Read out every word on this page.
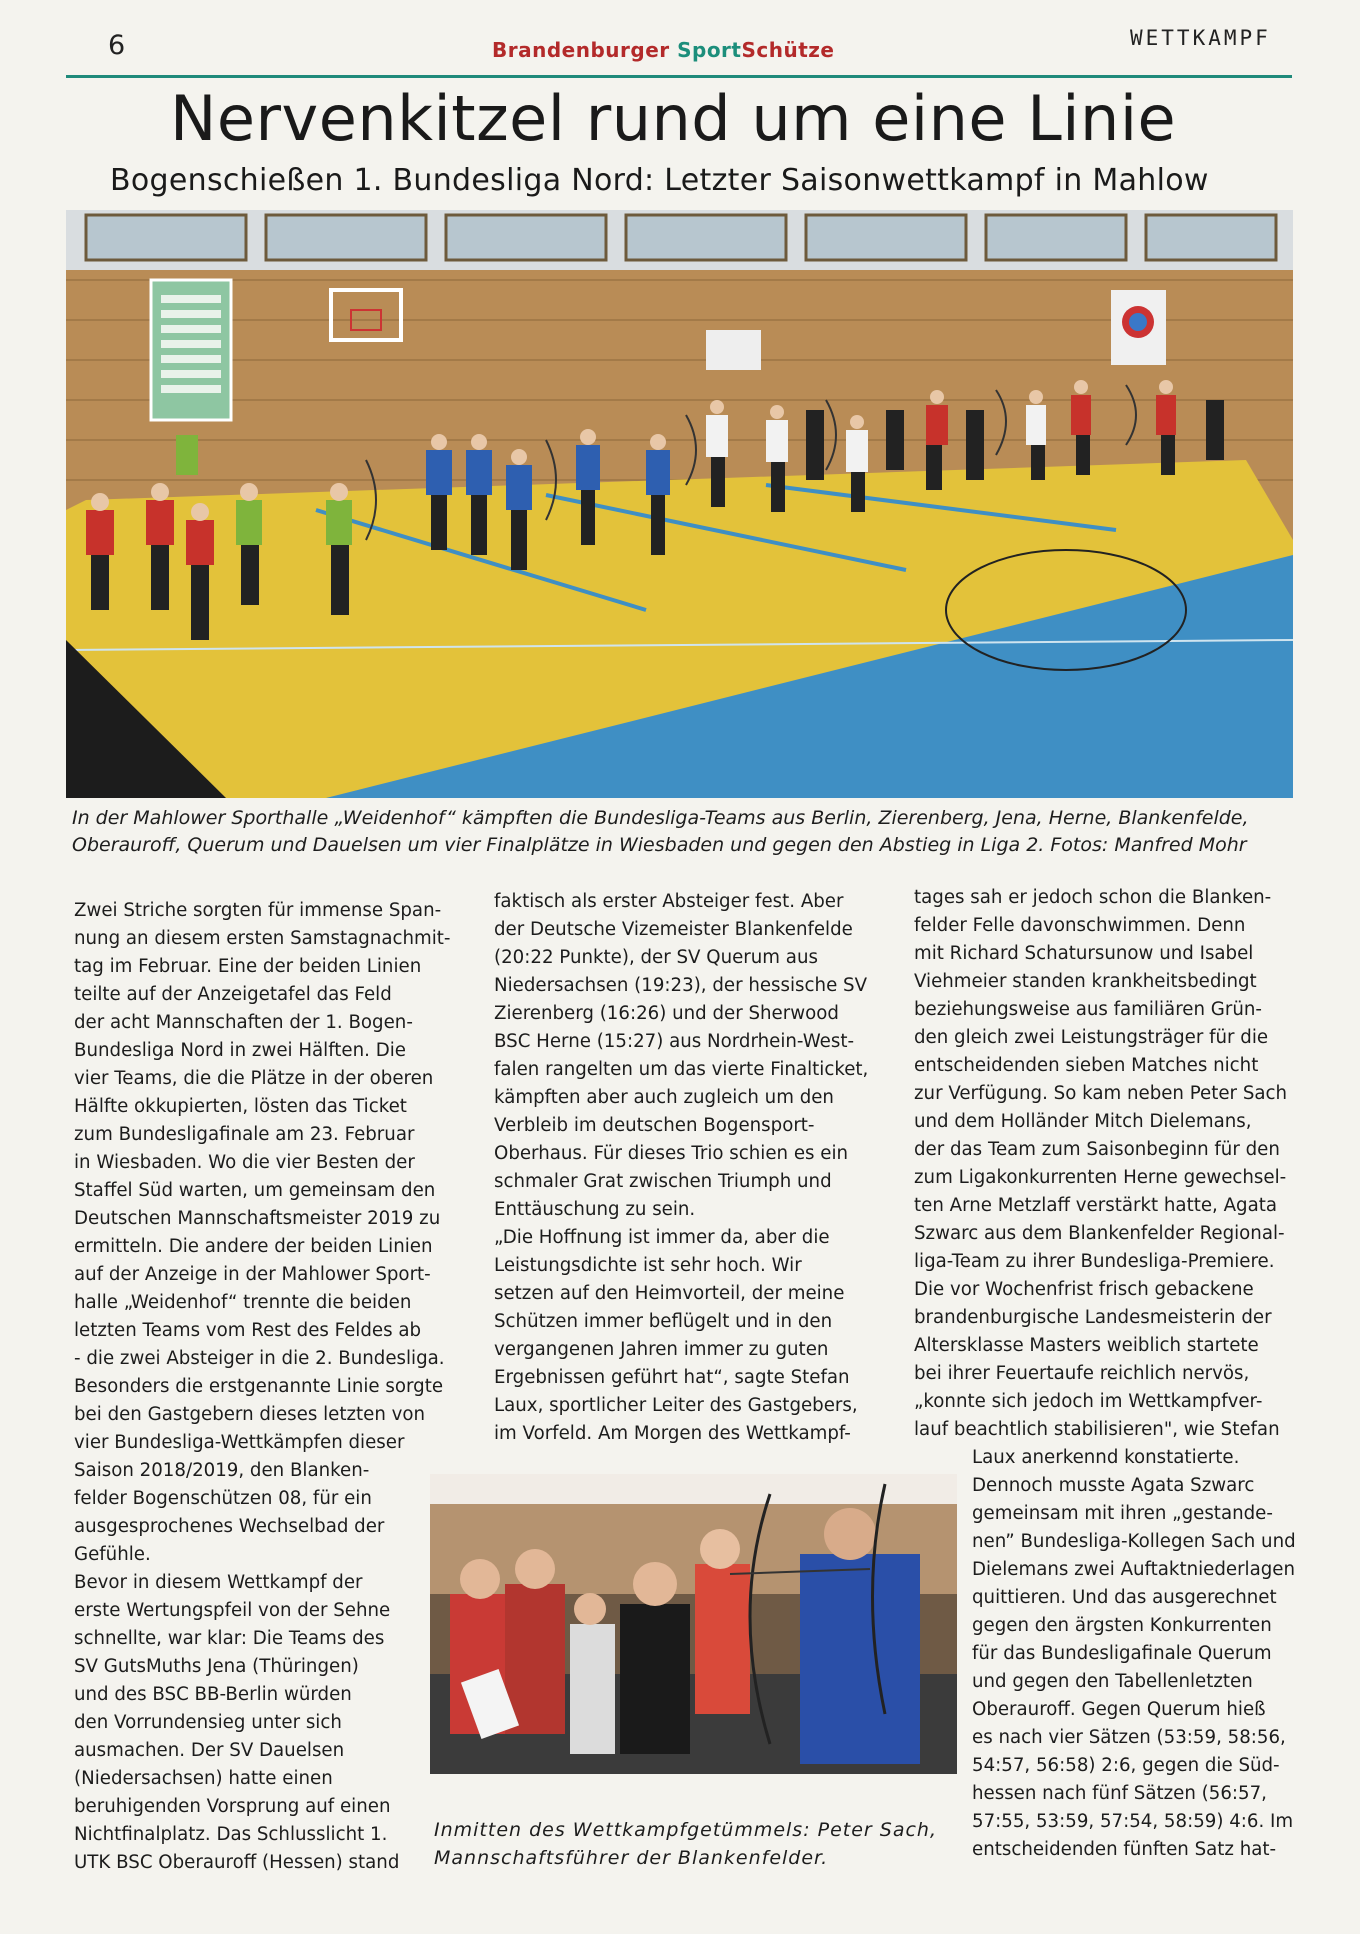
6	Brandenburger SportSchütze	WETTKAMPF
Nervenkitzel rund um eine Linie
Bogenschießen 1. Bundesliga Nord: Letzter Saisonwettkampf in Mahlow
In der Mahlower Sporthalle „Weidenhof“ kämpften die Bundesliga-Teams aus Berlin, Zierenberg, Jena, Herne, Blankenfelde,
Oberauroff, Querum und Dauelsen um vier Finalplätze in Wiesbaden und gegen den Abstieg in Liga 2. Fotos: Manfred Mohr
Zwei Striche sorgten für immense Span-
nung an diesem ersten Samstagnachmit-
tag im Februar. Eine der beiden Linien
teilte auf der Anzeigetafel das Feld
der acht Mannschaften der 1. Bogen-
Bundesliga Nord in zwei Hälften. Die
vier Teams, die die Plätze in der oberen
Hälfte okkupierten, lösten das Ticket
zum Bundesligafinale am 23. Februar
in Wiesbaden. Wo die vier Besten der
Staffel Süd warten, um gemeinsam den
Deutschen Mannschaftsmeister 2019 zu
ermitteln. Die andere der beiden Linien
auf der Anzeige in der Mahlower Sport-
halle „Weidenhof“ trennte die beiden
letzten Teams vom Rest des Feldes ab
- die zwei Absteiger in die 2. Bundesliga.
Besonders die erstgenannte Linie sorgte
bei den Gastgebern dieses letzten von
vier Bundesliga-Wettkämpfen dieser
Saison 2018/2019, den Blanken-
felder Bogenschützen 08, für ein
ausgesprochenes Wechselbad der
Gefühle.
Bevor in diesem Wettkampf der
erste Wertungspfeil von der Sehne
schnellte, war klar: Die Teams des
SV GutsMuths Jena (Thüringen)
und des BSC BB-Berlin würden
den Vorrundensieg unter sich
ausmachen. Der SV Dauelsen
(Niedersachsen) hatte einen
beruhigenden Vorsprung auf einen
Nichtfinalplatz. Das Schlusslicht 1.
UTK BSC Oberauroff (Hessen) stand
faktisch als erster Absteiger fest. Aber
der Deutsche Vizemeister Blankenfelde
(20:22 Punkte), der SV Querum aus
Niedersachsen (19:23), der hessische SV
Zierenberg (16:26) und der Sherwood
BSC Herne (15:27) aus Nordrhein-West-
falen rangelten um das vierte Finalticket,
kämpften aber auch zugleich um den
Verbleib im deutschen Bogensport-
Oberhaus. Für dieses Trio schien es ein
schmaler Grat zwischen Triumph und
Enttäuschung zu sein.
„Die Hoffnung ist immer da, aber die
Leistungsdichte ist sehr hoch. Wir
setzen auf den Heimvorteil, der meine
Schützen immer beflügelt und in den
vergangenen Jahren immer zu guten
Ergebnissen geführt hat“, sagte Stefan
Laux, sportlicher Leiter des Gastgebers,
im Vorfeld. Am Morgen des Wettkampf-
tages sah er jedoch schon die Blanken-
felder Felle davonschwimmen. Denn
mit Richard Schatursunow und Isabel
Viehmeier standen krankheitsbedingt
beziehungsweise aus familiären Grün-
den gleich zwei Leistungsträger für die
entscheidenden sieben Matches nicht
zur Verfügung. So kam neben Peter Sach
und dem Holländer Mitch Dielemans,
der das Team zum Saisonbeginn für den
zum Ligakonkurrenten Herne gewechsel-
ten Arne Metzlaff verstärkt hatte, Agata
Szwarc aus dem Blankenfelder Regional-
liga-Team zu ihrer Bundesliga-Premiere.
Die vor Wochenfrist frisch gebackene
brandenburgische Landesmeisterin der
Altersklasse Masters weiblich startete
bei ihrer Feuertaufe reichlich nervös,
„konnte sich jedoch im Wettkampfver-
lauf beachtlich stabilisieren", wie Stefan
Laux anerkennd konstatierte.
Dennoch musste Agata Szwarc
gemeinsam mit ihren „gestande-
nen” Bundesliga-Kollegen Sach und
Dielemans zwei Auftaktniederlagen
quittieren. Und das ausgerechnet
gegen den ärgsten Konkurrenten
für das Bundesligafinale Querum
und gegen den Tabellenletzten
Oberauroff. Gegen Querum hieß
es nach vier Sätzen (53:59, 58:56,
54:57, 56:58) 2:6, gegen die Süd-
hessen nach fünf Sätzen (56:57,
57:55, 53:59, 57:54, 58:59) 4:6. Im
entscheidenden fünften Satz hat-
Inmitten des Wettkampfgetümmels: Peter Sach,
Mannschaftsführer der Blankenfelder.
